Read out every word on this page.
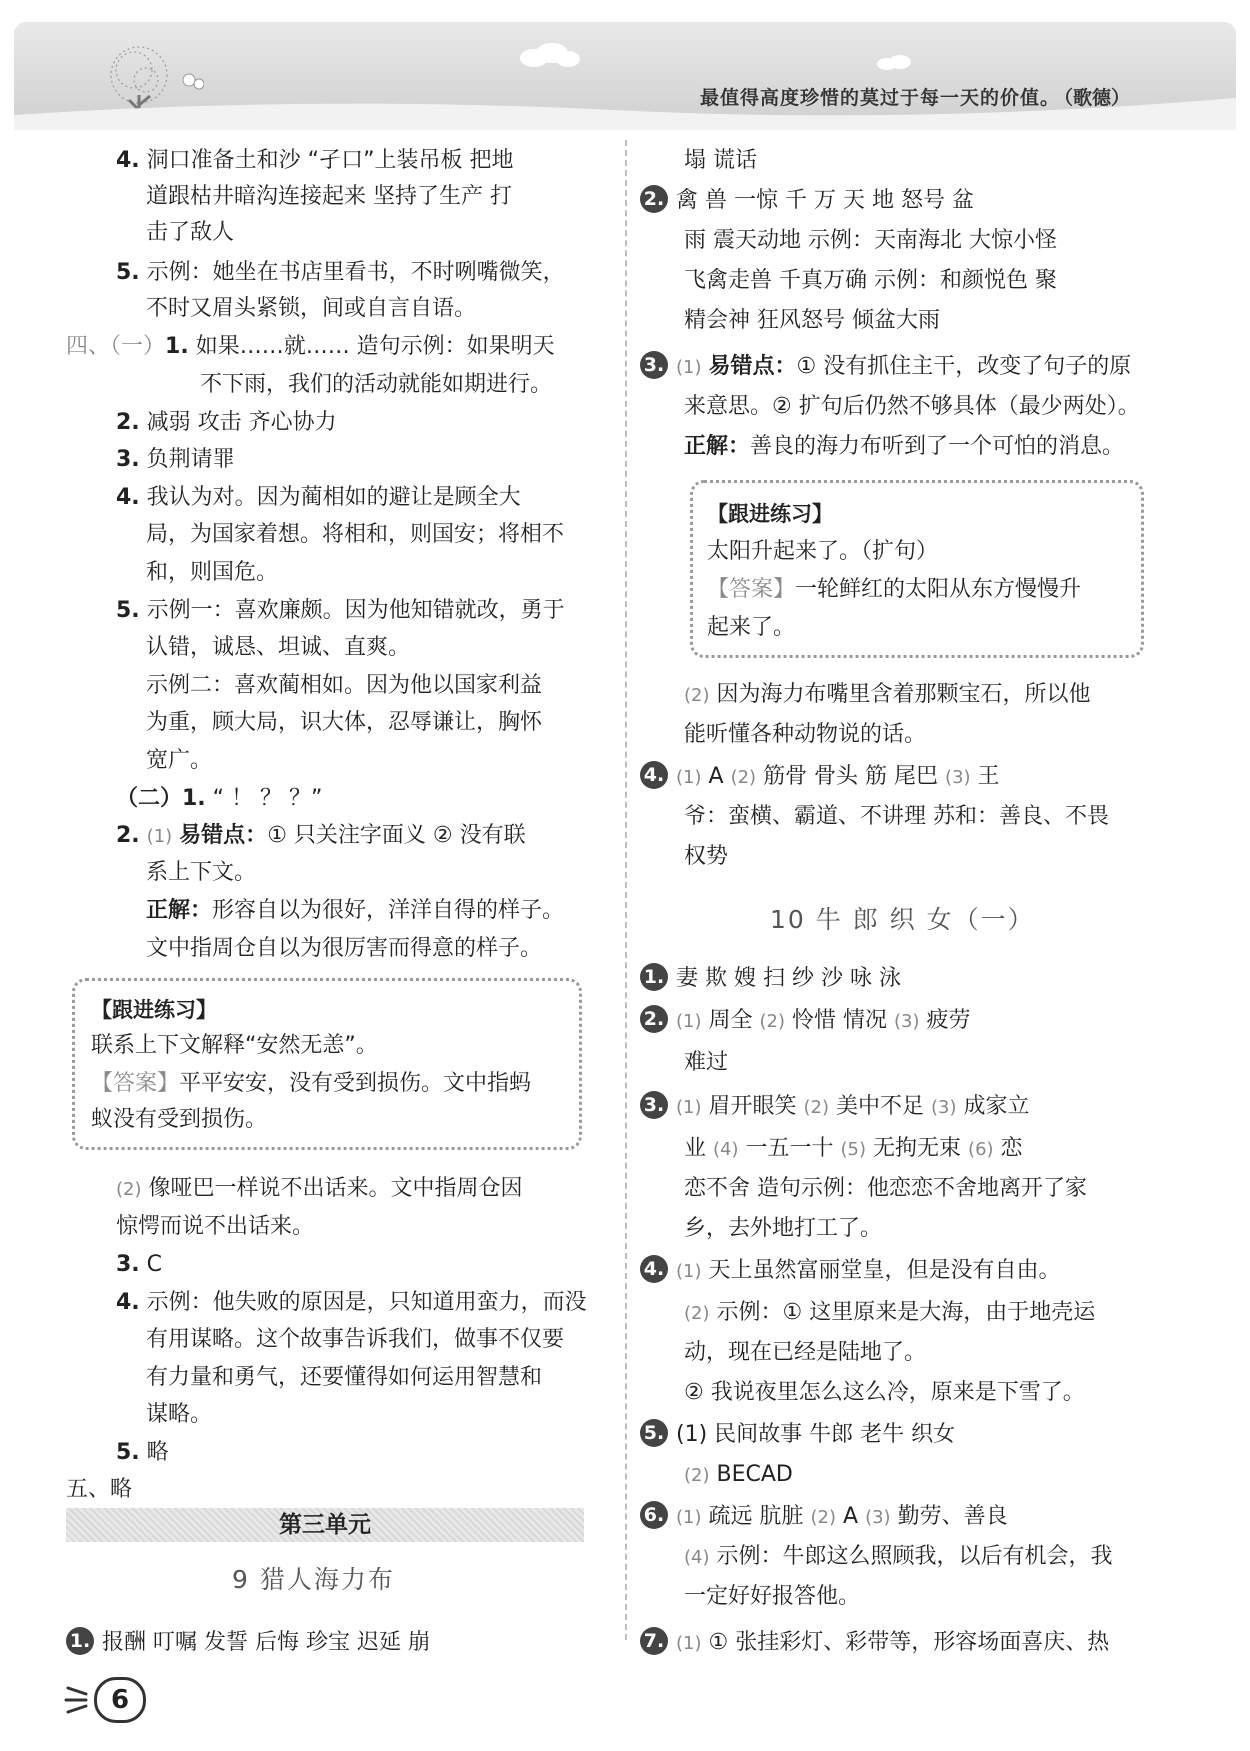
最值得高度珍惜的莫过于每一天的价值。
（歌德）
4. 洞口准备土和沙 “孑口”上装吊板 把地
道跟枯井暗沟连接起来 坚持了生产 打
击了敌人
5. 示例：她坐在书店里看书，不时咧嘴微笑，
不时又眉头紧锁，间或自言自语。
四、（一）1. 如果……就…… 造句示例：如果明天
不下雨，我们的活动就能如期进行。
2. 减弱 攻击 齐心协力
3. 负荆请罪
4. 我认为对。因为蔺相如的避让是顾全大
局，为国家着想。将相和，则国安；将相不
和，则国危。
5. 示例一：喜欢廉颇。因为他知错就改，勇于
认错，诚恳、坦诚、直爽。
示例二：喜欢蔺相如。因为他以国家利益
为重，顾大局，识大体，忍辱谦让，胸怀
宽广。
（二）1. “ ！ ？ ？”
2. (1) 易错点：① 只关注字面义 ② 没有联
系上下文。
正解：形容自以为很好，洋洋自得的样子。
文中指周仓自以为很厉害而得意的样子。
【跟进练习】
联系上下文解释“安然无恙”。
【答案】平平安安，没有受到损伤。文中指蚂
蚁没有受到损伤。
(2) 像哑巴一样说不出话来。文中指周仓因
惊愕而说不出话来。
3. C
4. 示例：他失败的原因是，只知道用蛮力，而没
有用谋略。这个故事告诉我们，做事不仅要
有力量和勇气，还要懂得如何运用智慧和
谋略。
5. 略
五、略
第三单元
9 猎人海力布
1. 报酬 叮嘱 发誓 后悔 珍宝 迟延 崩
塌 谎话
2. 禽 兽 一惊 千 万 天 地 怒号 盆
雨 震天动地 示例：天南海北 大惊小怪
飞禽走兽 千真万确 示例：和颜悦色 聚
精会神 狂风怒号 倾盆大雨
3. (1) 易错点：① 没有抓住主干，改变了句子的原
来意思。② 扩句后仍然不够具体（最少两处）。
正解：善良的海力布听到了一个可怕的消息。
【跟进练习】
太阳升起来了。（扩句）
【答案】一轮鲜红的太阳从东方慢慢升
起来了。
(2) 因为海力布嘴里含着那颗宝石，所以他
能听懂各种动物说的话。
4. (1) A (2) 筋骨 骨头 筋 尾巴 (3) 王
爷：蛮横、霸道、不讲理 苏和：善良、不畏
权势
10 牛 郎 织 女（一）
1. 妻 欺 嫂 扫 纱 沙 咏 泳
2. (1) 周全 (2) 怜惜 情况 (3) 疲劳
难过
3. (1) 眉开眼笑 (2) 美中不足 (3) 成家立
业 (4) 一五一十 (5) 无拘无束 (6) 恋
恋不舍 造句示例：他恋恋不舍地离开了家
乡，去外地打工了。
4. (1) 天上虽然富丽堂皇，但是没有自由。
(2) 示例：① 这里原来是大海，由于地壳运
动，现在已经是陆地了。
② 我说夜里怎么这么冷，原来是下雪了。
5. (1) 民间故事 牛郎 老牛 织女
(2) BECAD
6. (1) 疏远 肮脏 (2) A (3) 勤劳、善良
(4) 示例：牛郎这么照顾我，以后有机会，我
一定好好报答他。
7. (1) ① 张挂彩灯、彩带等，形容场面喜庆、热
6
